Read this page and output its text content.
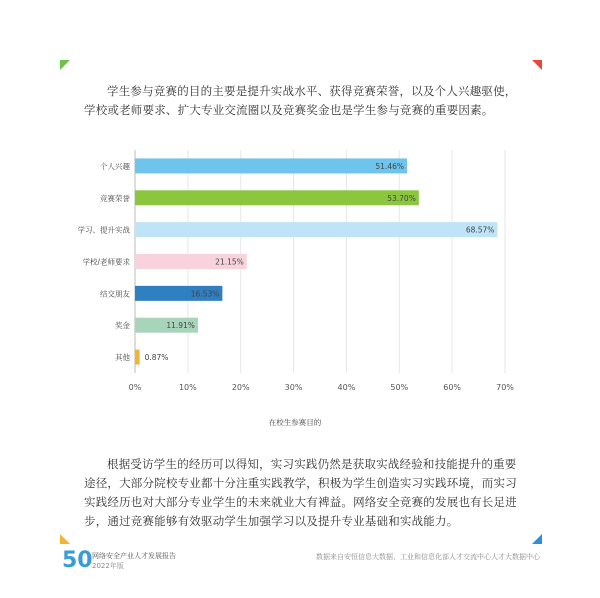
学生参与竞赛的目的主要是提升实战水平、获得竞赛荣誉，以及个人兴趣驱使，学校或老师要求、扩大专业交流圈以及竞赛奖金也是学生参与竞赛的重要因素。

0%	10%	20%	30%	40%	50%	60%	70%
个人兴趣	51.46%
竞赛荣誉	53.70%
学习、提升实战	68.57%
学校/老师要求	21.15%
结交朋友	16.53%
奖金	11.91%
其他 0.87%
在校生参赛目的

根据受访学生的经历可以得知，实习实践仍然是获取实战经验和技能提升的重要途径，大部分院校专业都十分注重实践教学，积极为学生创造实习实践环境，而实习实践经历也对大部分专业学生的未来就业大有裨益。网络安全竞赛的发展也有长足进步，通过竞赛能够有效驱动学生加强学习以及提升专业基础和实战能力。

50 网络安全产业人才发展报告
2022年版
数据来自安恒信息大数据、工业和信息化部人才交流中心人才大数据中心
